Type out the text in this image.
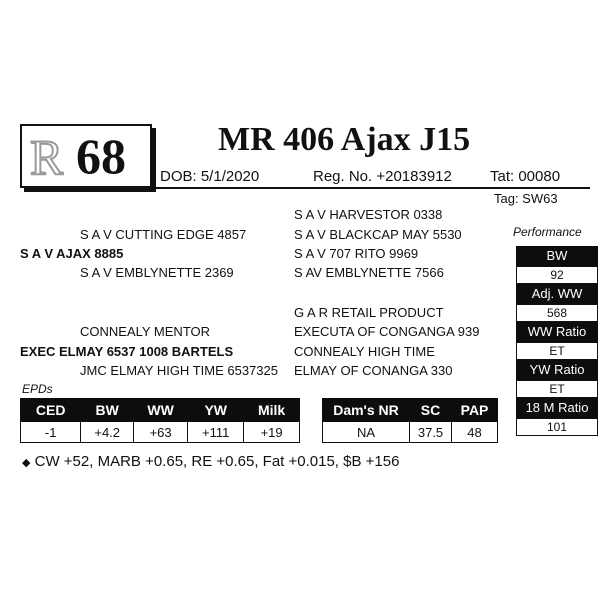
R 68	MR 406 Ajax J15
DOB: 5/1/2020	Reg. No. +20183912	Tat: 00080
Tag: SW63
S A V HARVESTOR 0338
S A V CUTTING EDGE 4857	S A V BLACKCAP MAY 5530
S A V AJAX 8885	S A V 707 RITO 9969
S A V EMBLYNETTE 2369	S AV EMBLYNETTE 7566
G A R RETAIL PRODUCT
CONNEALY MENTOR	EXECUTA OF CONGANGA 939
EXEC ELMAY 6537 1008 BARTELS	CONNEALY HIGH TIME
JMC ELMAY HIGH TIME 6537325 ELMAY OF CONANGA 330
EPDs
CED	BW	WW	YW	Milk
-1	+4.2	+63	+111	+19
Dam's NR	SC	PAP
NA	37.5	48
Performance
BW
92
Adj. WW
568
WW Ratio
ET
YW Ratio
ET
18 M Ratio
101
◆ CW +52, MARB +0.65, RE +0.65, Fat +0.015, $B +156
